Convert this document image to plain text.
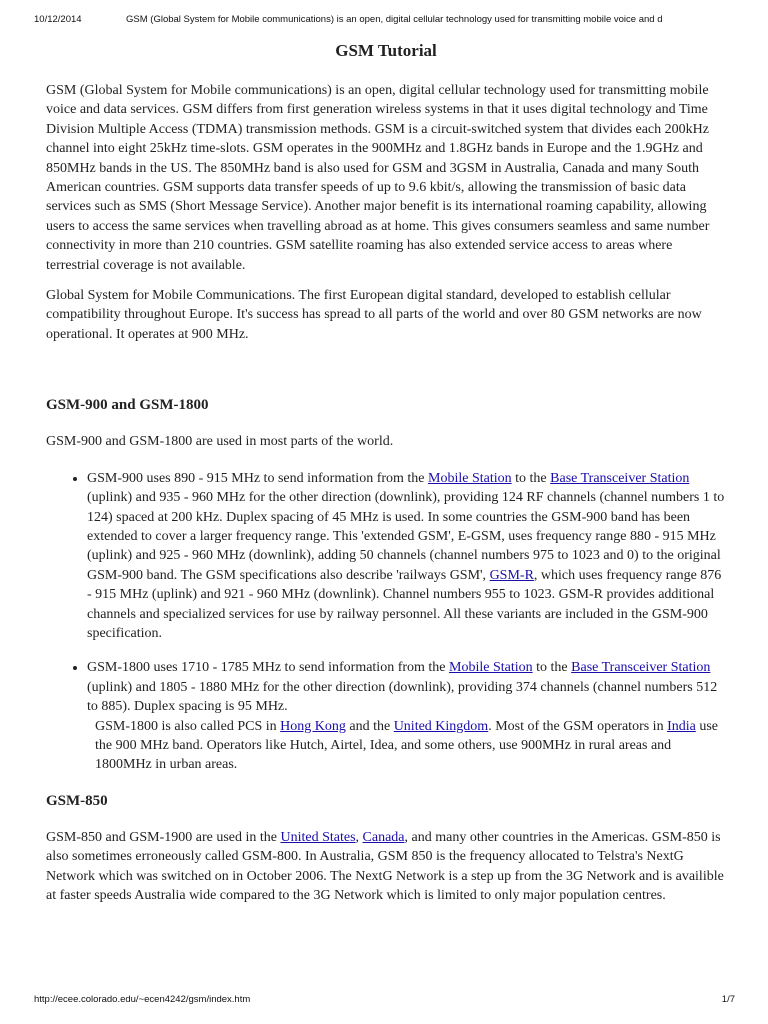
10/12/2014	GSM (Global System for Mobile communications) is an open, digital cellular technology used for transmitting mobile voice and d
GSM Tutorial

GSM (Global System for Mobile communications) is an open, digital cellular technology used for transmitting mobile voice and data services. GSM differs from first generation wireless systems in that it uses digital technology and Time Division Multiple Access (TDMA) transmission methods. GSM is a circuit-switched system that divides each 200kHz channel into eight 25kHz time-slots. GSM operates in the 900MHz and 1.8GHz bands in Europe and the 1.9GHz and 850MHz bands in the US. The 850MHz band is also used for GSM and 3GSM in Australia, Canada and many South American countries. GSM supports data transfer speeds of up to 9.6 kbit/s, allowing the transmission of basic data services such as SMS (Short Message Service). Another major benefit is its international roaming capability, allowing users to access the same services when travelling abroad as at home. This gives consumers seamless and same number connectivity in more than 210 countries. GSM satellite roaming has also extended service access to areas where terrestrial coverage is not available.

Global System for Mobile Communications. The first European digital standard, developed to establish cellular compatibility throughout Europe. It's success has spread to all parts of the world and over 80 GSM networks are now operational. It operates at 900 MHz.

GSM-900 and GSM-1800

GSM-900 and GSM-1800 are used in most parts of the world.

• GSM-900 uses 890 - 915 MHz to send information from the Mobile Station to the Base Transceiver Station (uplink) and 935 - 960 MHz for the other direction (downlink), providing 124 RF channels (channel numbers 1 to 124) spaced at 200 kHz. Duplex spacing of 45 MHz is used. In some countries the GSM-900 band has been extended to cover a larger frequency range. This 'extended GSM', E-GSM, uses frequency range 880 - 915 MHz (uplink) and 925 - 960 MHz (downlink), adding 50 channels (channel numbers 975 to 1023 and 0) to the original GSM-900 band. The GSM specifications also describe 'railways GSM', GSM-R, which uses frequency range 876 - 915 MHz (uplink) and 921 - 960 MHz (downlink). Channel numbers 955 to 1023. GSM-R provides additional channels and specialized services for use by railway personnel. All these variants are included in the GSM-900 specification.
• GSM-1800 uses 1710 - 1785 MHz to send information from the Mobile Station to the Base Transceiver Station (uplink) and 1805 - 1880 MHz for the other direction (downlink), providing 374 channels (channel numbers 512 to 885). Duplex spacing is 95 MHz.
GSM-1800 is also called PCS in Hong Kong and the United Kingdom. Most of the GSM operators in India use the 900 MHz band. Operators like Hutch, Airtel, Idea, and some others, use 900MHz in rural areas and 1800MHz in urban areas.
GSM-850

GSM-850 and GSM-1900 are used in the United States, Canada, and many other countries in the Americas. GSM-850 is also sometimes erroneously called GSM-800. In Australia, GSM 850 is the frequency allocated to Telstra's NextG Network which was switched on in October 2006. The NextG Network is a step up from the 3G Network and is availible at faster speeds Australia wide compared to the 3G Network which is limited to only major population centres.

http://ecee.colorado.edu/~ecen4242/gsm/index.htm	1/7
